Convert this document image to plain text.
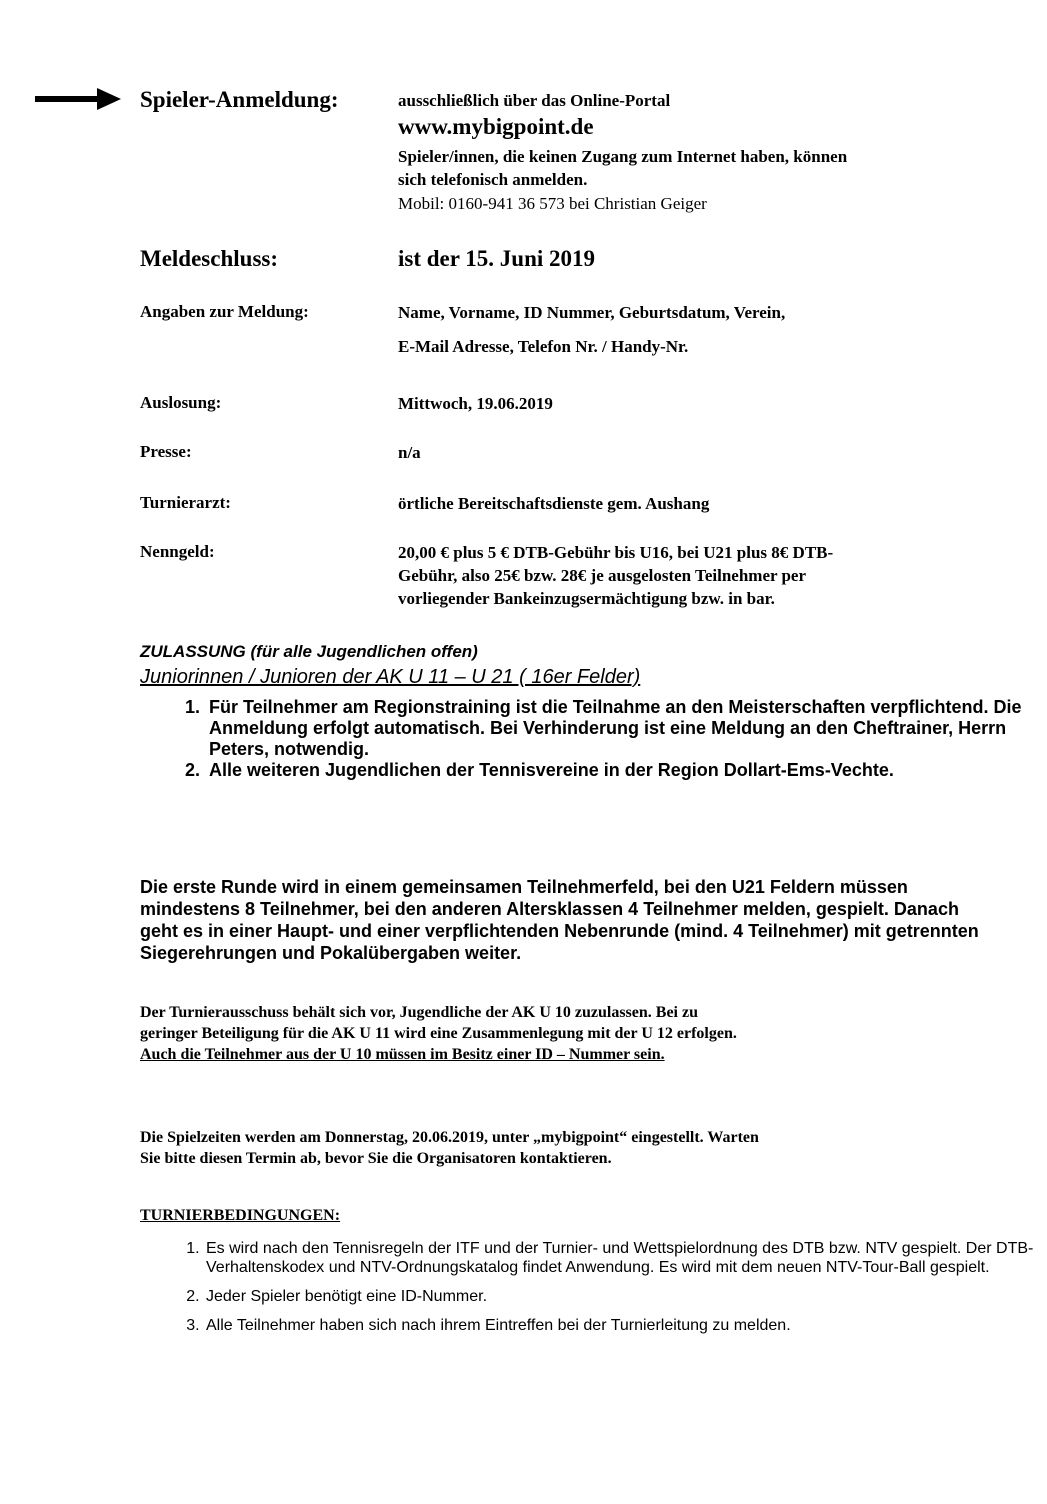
Spieler-Anmeldung:	ausschließlich über das Online-Portal
www.mybigpoint.de
Spieler/innen, die keinen Zugang zum Internet haben, können
sich telefonisch anmelden.
Mobil: 0160-941 36 573 bei Christian Geiger
Meldeschluss:	ist der 15. Juni 2019
Angaben zur Meldung:	Name, Vorname, ID Nummer, Geburtsdatum, Verein,
E-Mail Adresse, Telefon Nr. / Handy-Nr.
Auslosung:	Mittwoch, 19.06.2019
Presse:	n/a
Turnierarzt:	örtliche Bereitschaftsdienste gem. Aushang
Nenngeld:	20,00 € plus 5 € DTB-Gebühr bis U16, bei U21 plus 8€ DTB-
Gebühr, also 25€ bzw. 28€ je ausgelosten Teilnehmer per
vorliegender Bankeinzugsermächtigung bzw. in bar.
ZULASSUNG (für alle Jugendlichen offen)
Juniorinnen / Junioren der AK U 11 – U 21 ( 16er Felder)
1. Für Teilnehmer am Regionstraining ist die Teilnahme an den Meisterschaften verpflichtend. Die Anmeldung erfolgt automatisch. Bei Verhinderung ist eine Meldung an den Cheftrainer, Herrn Peters, notwendig.
2. Alle weiteren Jugendlichen der Tennisvereine in der Region Dollart-Ems-Vechte.
Die erste Runde wird in einem gemeinsamen Teilnehmerfeld, bei den U21 Feldern müssen mindestens 8 Teilnehmer, bei den anderen Altersklassen 4 Teilnehmer melden, gespielt. Danach geht es in einer Haupt- und einer verpflichtenden Nebenrunde (mind. 4 Teilnehmer) mit getrennten Siegerehrungen und Pokalübergaben weiter.
Der Turnierausschuss behält sich vor, Jugendliche der AK U 10 zuzulassen. Bei zu
geringer Beteiligung für die AK U 11 wird eine Zusammenlegung mit der U 12 erfolgen.
Auch die Teilnehmer aus der U 10 müssen im Besitz einer ID – Nummer sein.
Die Spielzeiten werden am Donnerstag, 20.06.2019, unter „mybigpoint“ eingestellt. Warten
Sie bitte diesen Termin ab, bevor Sie die Organisatoren kontaktieren.
TURNIERBEDINGUNGEN:
1. Es wird nach den Tennisregeln der ITF und der Turnier- und Wettspielordnung des DTB bzw. NTV gespielt. Der DTB-Verhaltenskodex und NTV-Ordnungskatalog findet Anwendung. Es wird mit dem neuen NTV-Tour-Ball gespielt.
2. Jeder Spieler benötigt eine ID-Nummer.
3. Alle Teilnehmer haben sich nach ihrem Eintreffen bei der Turnierleitung zu melden.
